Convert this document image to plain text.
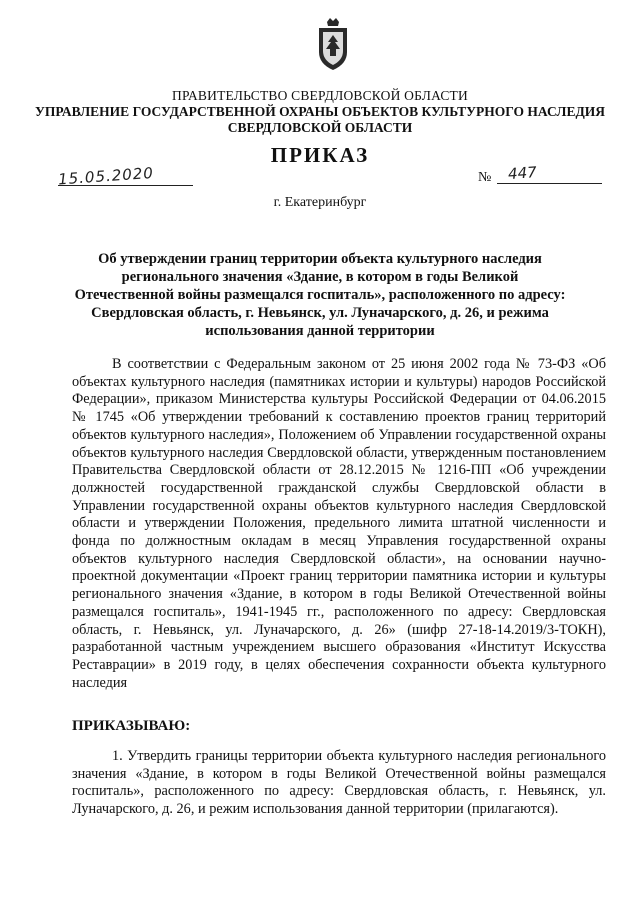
ПРАВИТЕЛЬСТВО СВЕРДЛОВСКОЙ ОБЛАСТИ
УПРАВЛЕНИЕ ГОСУДАРСТВЕННОЙ ОХРАНЫ ОБЪЕКТОВ КУЛЬТУРНОГО НАСЛЕДИЯ
СВЕРДЛОВСКОЙ ОБЛАСТИ
ПРИКАЗ
15.05.2020	№ 447
г. Екатеринбург
Об утверждении границ территории объекта культурного наследия регионального значения «Здание, в котором в годы Великой Отечественной войны размещался госпиталь», расположенного по адресу: Свердловская область, г. Невьянск, ул. Луначарского, д. 26, и режима использования данной территории
В соответствии с Федеральным законом от 25 июня 2002 года № 73-ФЗ «Об объектах культурного наследия (памятниках истории и культуры) народов Российской Федерации», приказом Министерства культуры Российской Федерации от 04.06.2015 № 1745 «Об утверждении требований к составлению проектов границ территорий объектов культурного наследия», Положением об Управлении государственной охраны объектов культурного наследия Свердловской области, утвержденным постановлением Правительства Свердловской области от 28.12.2015 № 1216-ПП «Об учреждении должностей государственной гражданской службы Свердловской области в Управлении государственной охраны объектов культурного наследия Свердловской области и утверждении Положения, предельного лимита штатной численности и фонда по должностным окладам в месяц Управления государственной охраны объектов культурного наследия Свердловской области», на основании научно-проектной документации «Проект границ территории памятника истории и культуры регионального значения «Здание, в котором в годы Великой Отечественной войны размещался госпиталь», 1941-1945 гг., расположенного по адресу: Свердловская область, г. Невьянск, ул. Луначарского, д. 26» (шифр 27-18-14.2019/3-ТОКН), разработанной частным учреждением высшего образования «Институт Искусства Реставрации» в 2019 году, в целях обеспечения сохранности объекта культурного наследия
ПРИКАЗЫВАЮ:
1. Утвердить границы территории объекта культурного наследия регионального значения «Здание, в котором в годы Великой Отечественной войны размещался госпиталь», расположенного по адресу: Свердловская область, г. Невьянск, ул. Луначарского, д. 26, и режим использования данной территории (прилагаются).
